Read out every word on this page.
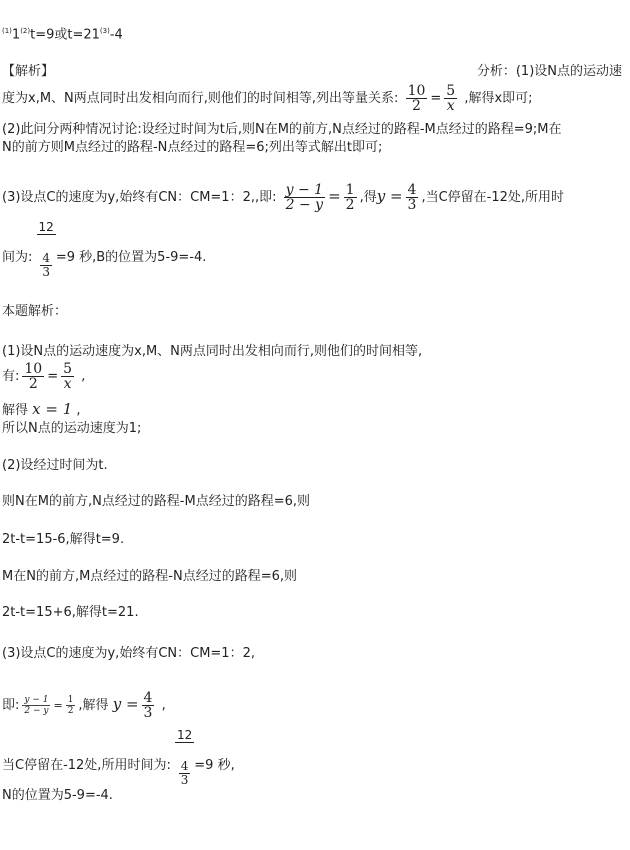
$^{(1)}1^{(2)}t=9$或$t=21^{(3)}-4$
【解析】	分析：(1)设N点的运动速
度为x,M、N两点同时出发相向而行,则他们的时间相等,列出等量关系: $\frac{10}{2} = \frac{5}{x}$ ,解得x即可;
(2)此问分两种情况讨论:设经过时间为t后,则N在M的前方,N点经过的路程-M点经过的路程=9;M在
N的前方则M点经过的路程-N点经过的路程=6;列出等式解出t即可;
(3)设点C的速度为y,始终有CN：CM=1：2,,即: $\frac{y - 1}{2 - y} = \frac{1}{2}$ ,得$y = \frac{4}{3}$ ,当C停留在-12处,所用时
间为: $\frac{12}{\frac{4}{3}} =9$ 秒,B的位置为5-9=-4.
本题解析：
(1)设N点的运动速度为x,M、N两点同时出发相向而行,则他们的时间相等,
有: $\frac{10}{2} = \frac{5}{x}$ ,
解得 x = 1 ,
所以N点的运动速度为1;
(2)设经过时间为t.
则N在M的前方,N点经过的路程-M点经过的路程=6,则
2t-t=15-6,解得t=9.
M在N的前方,M点经过的路程-N点经过的路程=6,则
2t-t=15+6,解得t=21.
(3)设点C的速度为y,始终有CN：CM=1：2,
即: $\frac{y - 1}{2 - y} = \frac{1}{2}$ ,解得 $y = \frac{4}{3}$ ,
当C停留在-12处,所用时间为: $\frac{12}{\frac{4}{3}} =9$ 秒,
N的位置为5-9=-4.
